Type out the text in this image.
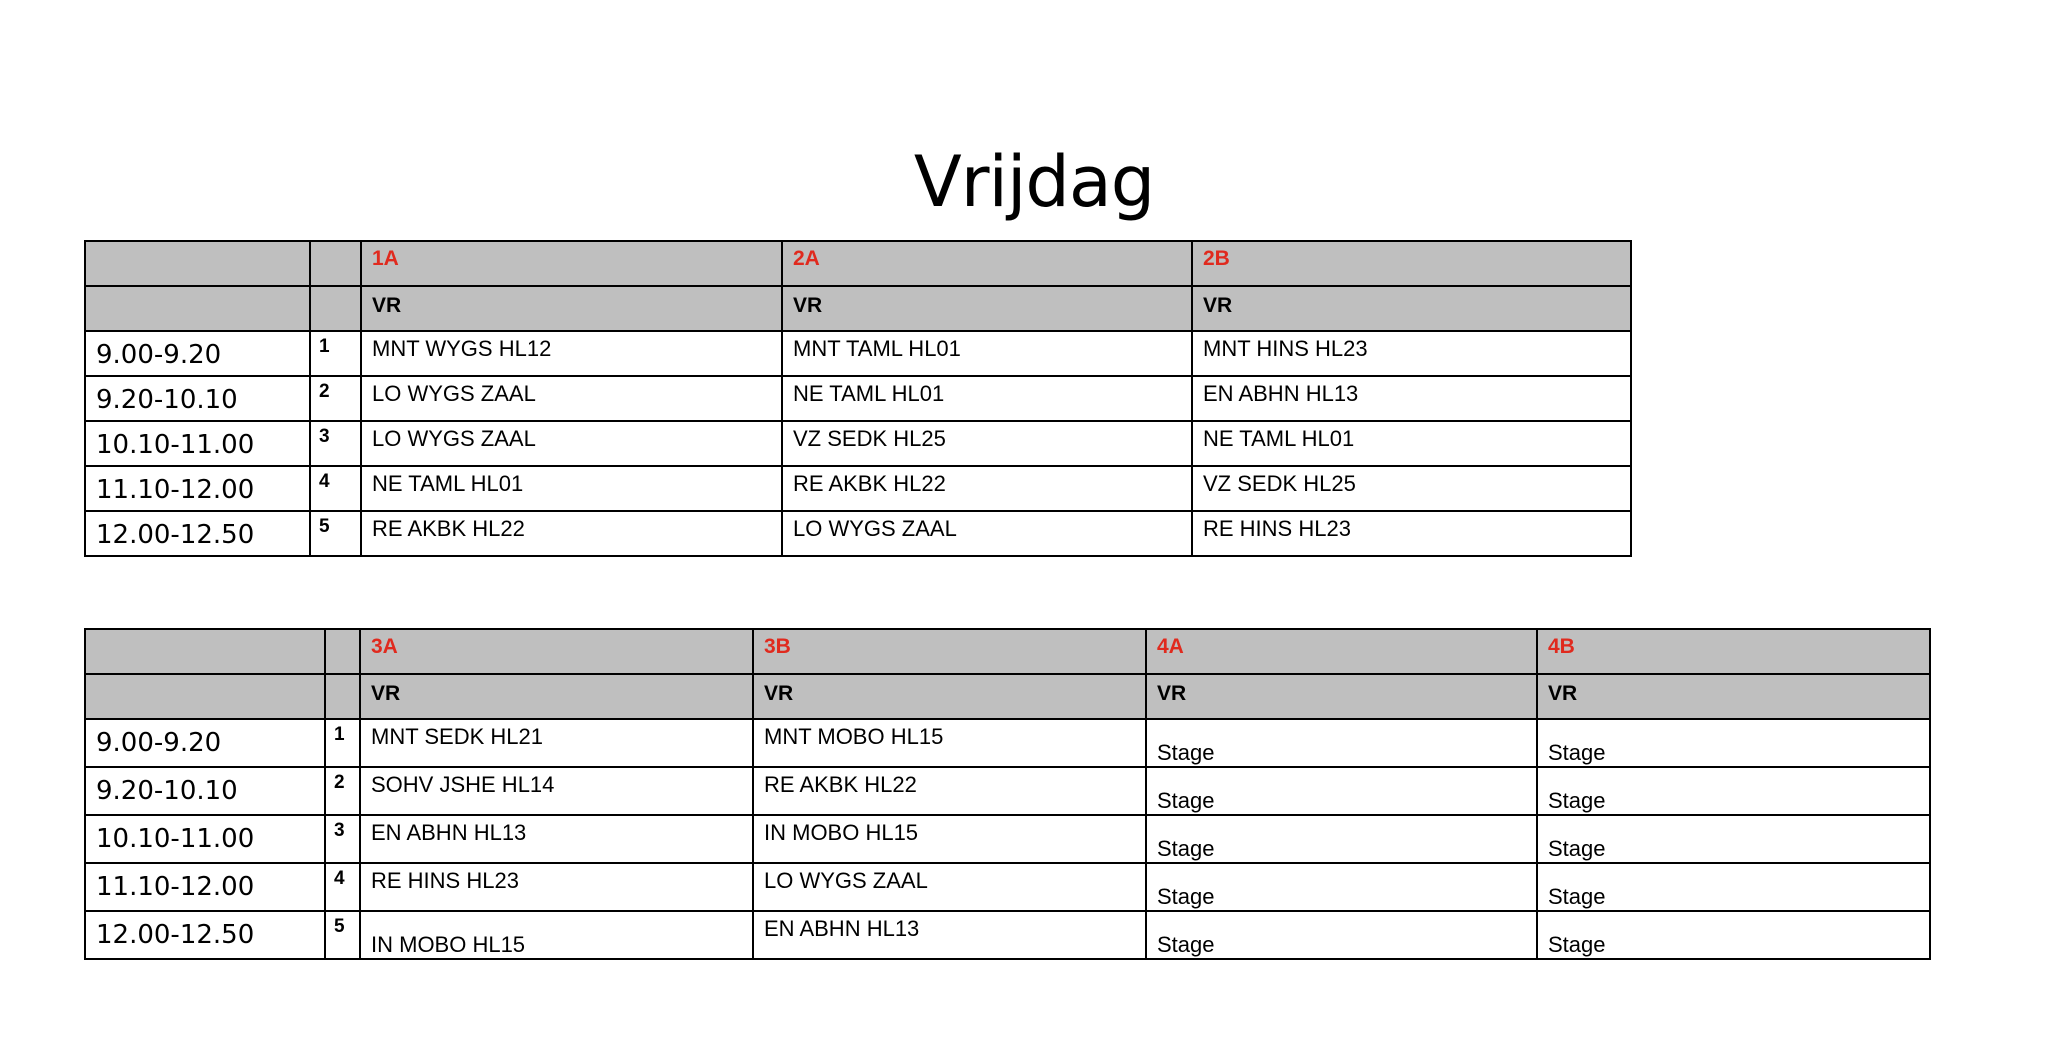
Vrijdag

		1A	2A	2B

		VR	VR	VR

9.00-9.20	1	MNT WYGS HL12	MNT TAML HL01	MNT HINS HL23

9.20-10.10	2	LO WYGS ZAAL	NE TAML HL01	EN ABHN HL13

10.10-11.00	3	LO WYGS ZAAL	VZ SEDK HL25	NE TAML HL01

11.10-12.00	4	NE TAML HL01	RE AKBK HL22	VZ SEDK HL25

12.00-12.50	5	RE AKBK HL22	LO WYGS ZAAL	RE HINS HL23

		3A	3B	4A	4B

		VR	VR	VR	VR

9.00-9.20	1	MNT SEDK HL21	MNT MOBO HL15	Stage	Stage

9.20-10.10	2	SOHV JSHE HL14	RE AKBK HL22	Stage	Stage

10.10-11.00	3	EN ABHN HL13	IN MOBO HL15	Stage	Stage

11.10-12.00	4	RE HINS HL23	LO WYGS ZAAL	Stage	Stage

12.00-12.50	5	IN MOBO HL15	EN ABHN HL13	Stage	Stage
